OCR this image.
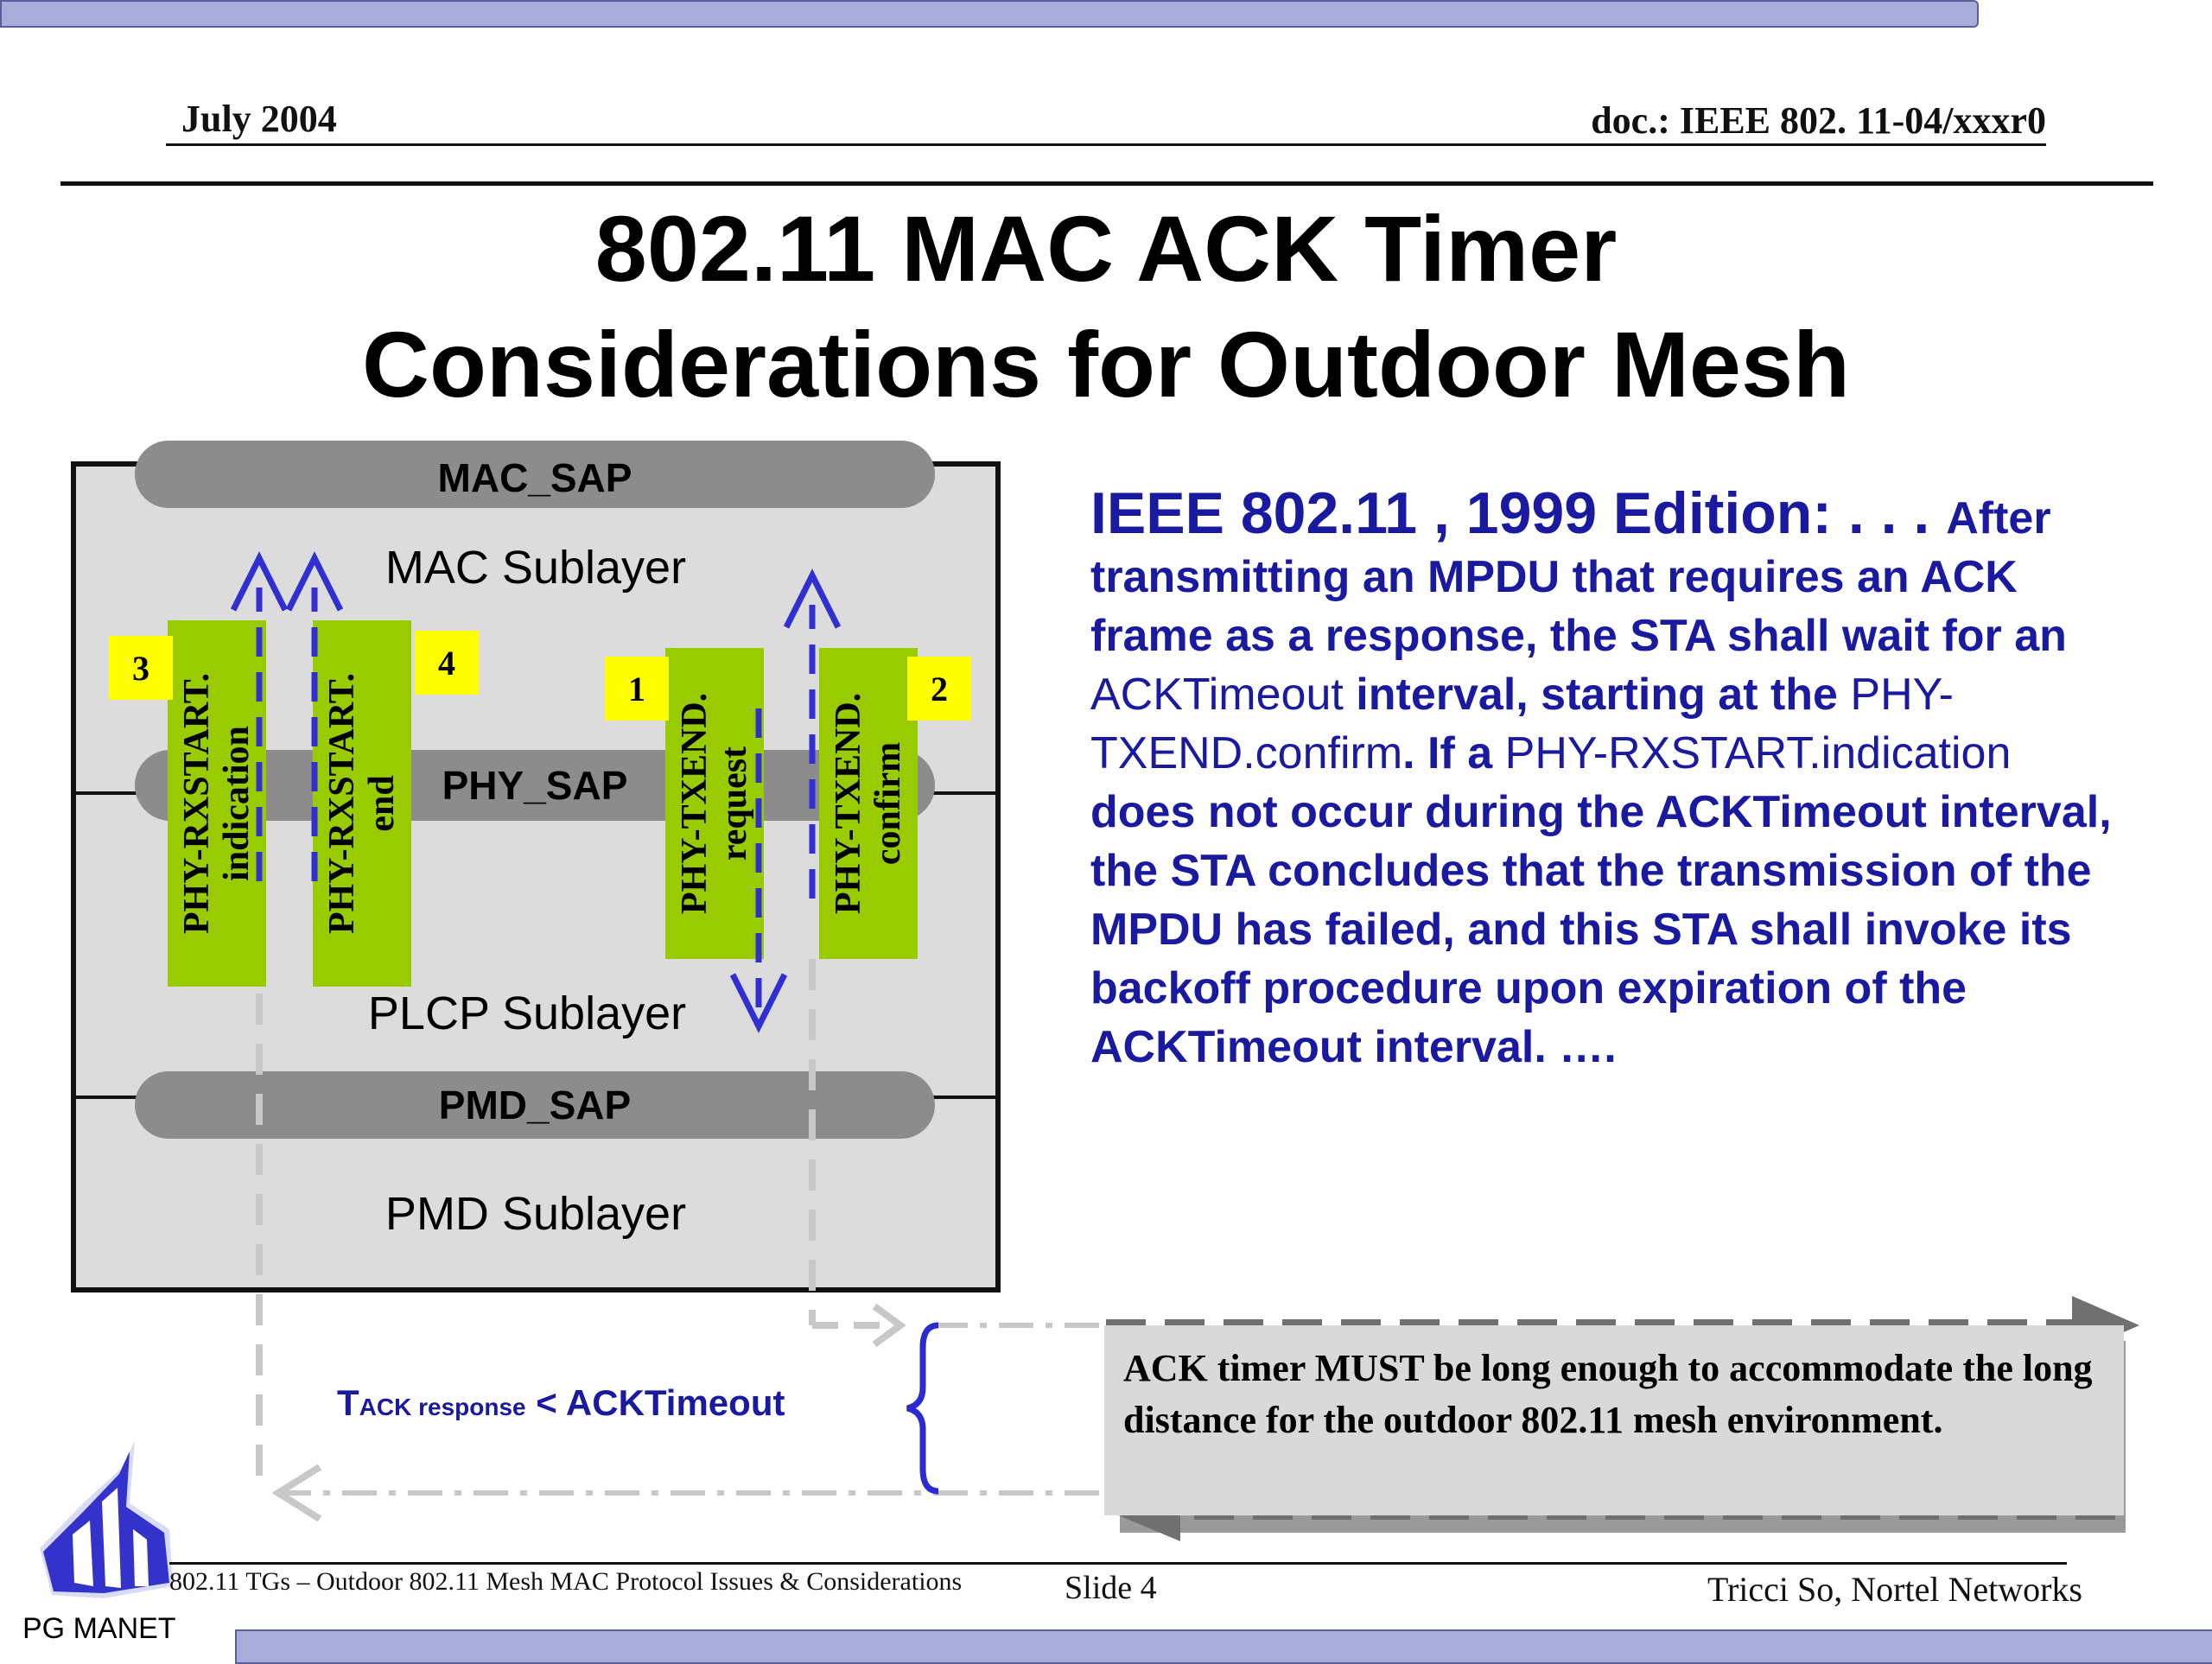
July 2004	doc.: IEEE 802. 11-04/xxxr0
802.11 MAC ACK Timer
Considerations for Outdoor Mesh
MAC_SAP
MAC Sublayer
PHY_SAP
PLCP Sublayer
PMD_SAP
PMD Sublayer
PHY-RXSTART. indication PHY-RXSTART. end	PHY-TXEND. request PHY-TXEND. confirm
3	4
1	2
ACK timer MUST be long enough to accommodate the long distance for the outdoor 802.11 mesh environment.
TACK response < ACKTimeout
IEEE 802.11 , 1999 Edition: . . . After transmitting an MPDU that requires an ACK frame as a response, the STA shall wait for an ACKTimeout interval, starting at the PHY-TXEND.confirm. If a PHY-RXSTART.indication does not occur during the ACKTimeout interval, the STA concludes that the transmission of the MPDU has failed, and this STA shall invoke its backoff procedure upon expiration of the ACKTimeout interval. ….
802.11 TGs – Outdoor 802.11 Mesh MAC Protocol Issues & Considerations	Slide 4	Tricci So, Nortel Networks
PG MANET
